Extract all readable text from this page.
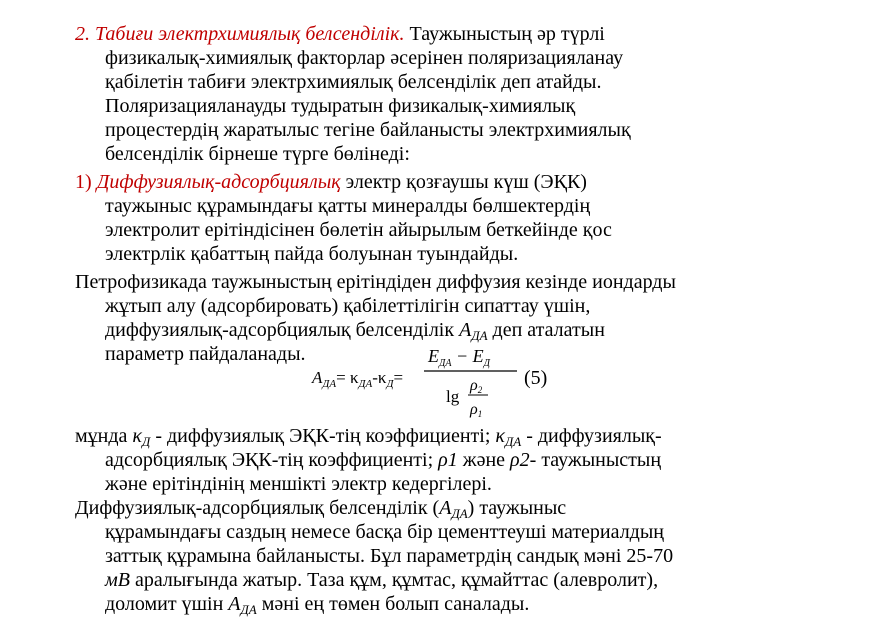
2. Табиғи электрхимиялық белсенділік. Таужыныстың әр түрлі
физикалық-химиялық факторлар әсерінен поляризацияланау
қабілетін табиғи электрхимиялық белсенділік деп атайды.
Поляризацияланауды тудыратын физикалық-химиялық
процестердің жаратылыс тегіне байланысты электрхимиялық
белсенділік бірнеше түрге бөлінеді:
1) Диффузиялық-адсорбциялық электр қозғаушы күш (ЭҚК)
таужыныс құрамындағы қатты минералды бөлшектердің
электролит ерітіндісінен бөлетін айырылым беткейінде қос
электрлік қабаттың пайда болуынан туындайды.
Петрофизикада таужыныстың ерітіндіден диффузия кезінде иондарды
жұтып алу (адсорбировать) қабілеттілігін сипаттау үшін,
диффузиялық-адсорбциялық белсенділік $A_{ДА}$ деп аталатын
параметр пайдаланады.
$A_{ДА}= \kappa_{ДА}-\kappa_Д=$
$E_{ДА} - E_Д$
lg
ρ2
ρ1
(5)
мұнда $\kappa_Д$ - диффузиялық ЭҚК-тің коэффициенті; $\kappa_{ДА}$ - диффузиялық-
адсорбциялық ЭҚК-тің коэффициенті; ρ1 және ρ2- таужыныстың
және ерітіндінің меншікті электр кедергілері.
Диффузиялық-адсорбциялық белсенділік $(A_{ДА})$ таужыныс
құрамындағы саздың немесе басқа бір цементтеуші материалдың
заттық құрамына байланысты. Бұл параметрдің сандық мәні 25-70
мВ аралығында жатыр. Таза құм, құмтас, құмайттас (алевролит),
доломит үшін $A_{ДА}$ мәні ең төмен болып саналады.
